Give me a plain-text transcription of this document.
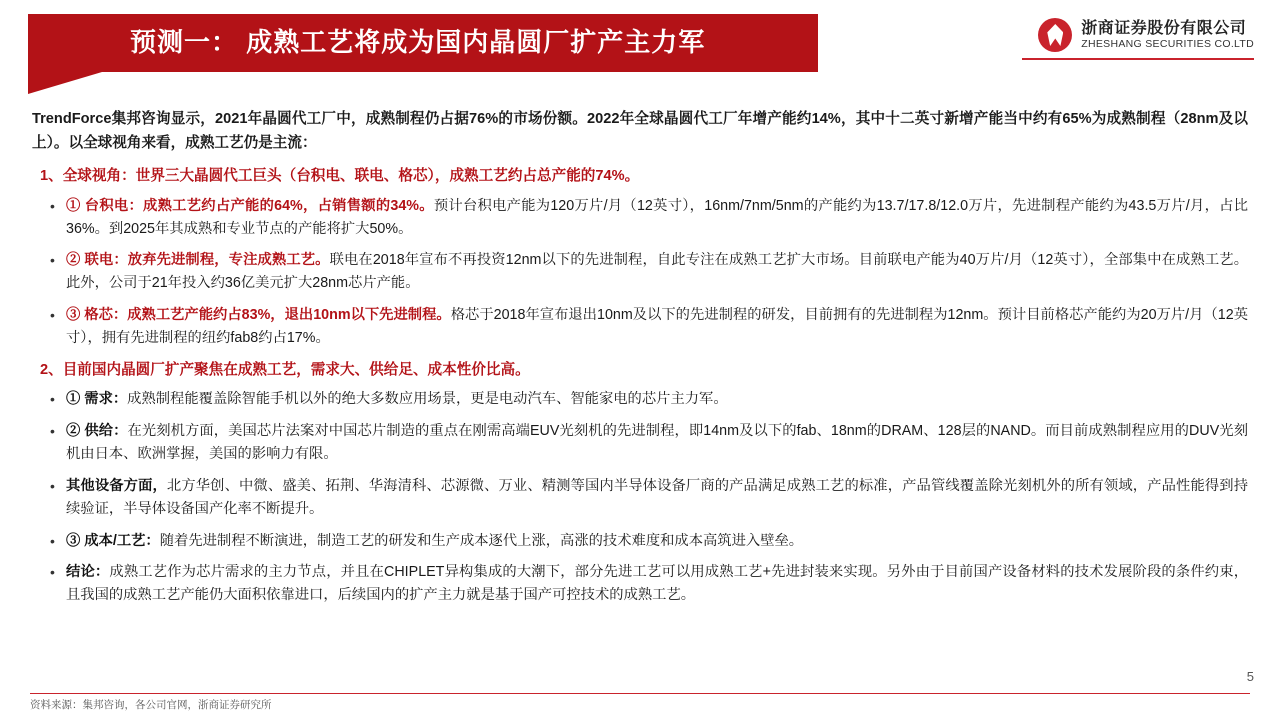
预测一： 成熟工艺将成为国内晶圆厂扩产主力军	浙商证券股份有限公司
ZHESHANG SECURITIES CO.LTD
TrendForce集邦咨询显示，2021年晶圆代工厂中，成熟制程仍占据76%的市场份额。2022年全球晶圆代工厂年增产能约14%，其中十二英寸新增产能当中约有65%为成熟制程（28nm及以上）。以全球视角来看，成熟工艺仍是主流：
1、全球视角：世界三大晶圆代工巨头（台积电、联电、格芯），成熟工艺约占总产能的74%。
• ① 台积电：成熟工艺约占产能的64%，占销售额的34%。预计台积电产能为120万片/月（12英寸），16nm/7nm/5nm的产能约为13.7/17.8/12.0万片，先进制程产能约为43.5万片/月，占比36%。到2025年其成熟和专业节点的产能将扩大50%。
• ② 联电：放弃先进制程，专注成熟工艺。联电在2018年宣布不再投资12nm以下的先进制程，自此专注在成熟工艺扩大市场。目前联电产能为40万片/月（12英寸），全部集中在成熟工艺。此外，公司于21年投入约36亿美元扩大28nm芯片产能。
• ③ 格芯：成熟工艺产能约占83%，退出10nm以下先进制程。格芯于2018年宣布退出10nm及以下的先进制程的研发，目前拥有的先进制程为12nm。预计目前格芯产能约为20万片/月（12英寸），拥有先进制程的纽约fab8约占17%。
2、目前国内晶圆厂扩产聚焦在成熟工艺，需求大、供给足、成本性价比高。
• ① 需求：成熟制程能覆盖除智能手机以外的绝大多数应用场景，更是电动汽车、智能家电的芯片主力军。
• ② 供给：在光刻机方面，美国芯片法案对中国芯片制造的重点在刚需高端EUV光刻机的先进制程，即14nm及以下的fab、18nm的DRAM、128层的NAND。而目前成熟制程应用的DUV光刻机由日本、欧洲掌握，美国的影响力有限。
• 其他设备方面，北方华创、中微、盛美、拓荆、华海清科、芯源微、万业、精测等国内半导体设备厂商的产品满足成熟工艺的标准，产品管线覆盖除光刻机外的所有领域，产品性能得到持续验证，半导体设备国产化率不断提升。
• ③ 成本/工艺：随着先进制程不断演进，制造工艺的研发和生产成本逐代上涨，高涨的技术难度和成本高筑进入壁垒。
• 结论：成熟工艺作为芯片需求的主力节点，并且在CHIPLET异构集成的大潮下，部分先进工艺可以用成熟工艺+先进封装来实现。另外由于目前国产设备材料的技术发展阶段的条件约束，且我国的成熟工艺产能仍大面积依靠进口，后续国内的扩产主力就是基于国产可控技术的成熟工艺。
5
资料来源：集邦咨询，各公司官网，浙商证券研究所
